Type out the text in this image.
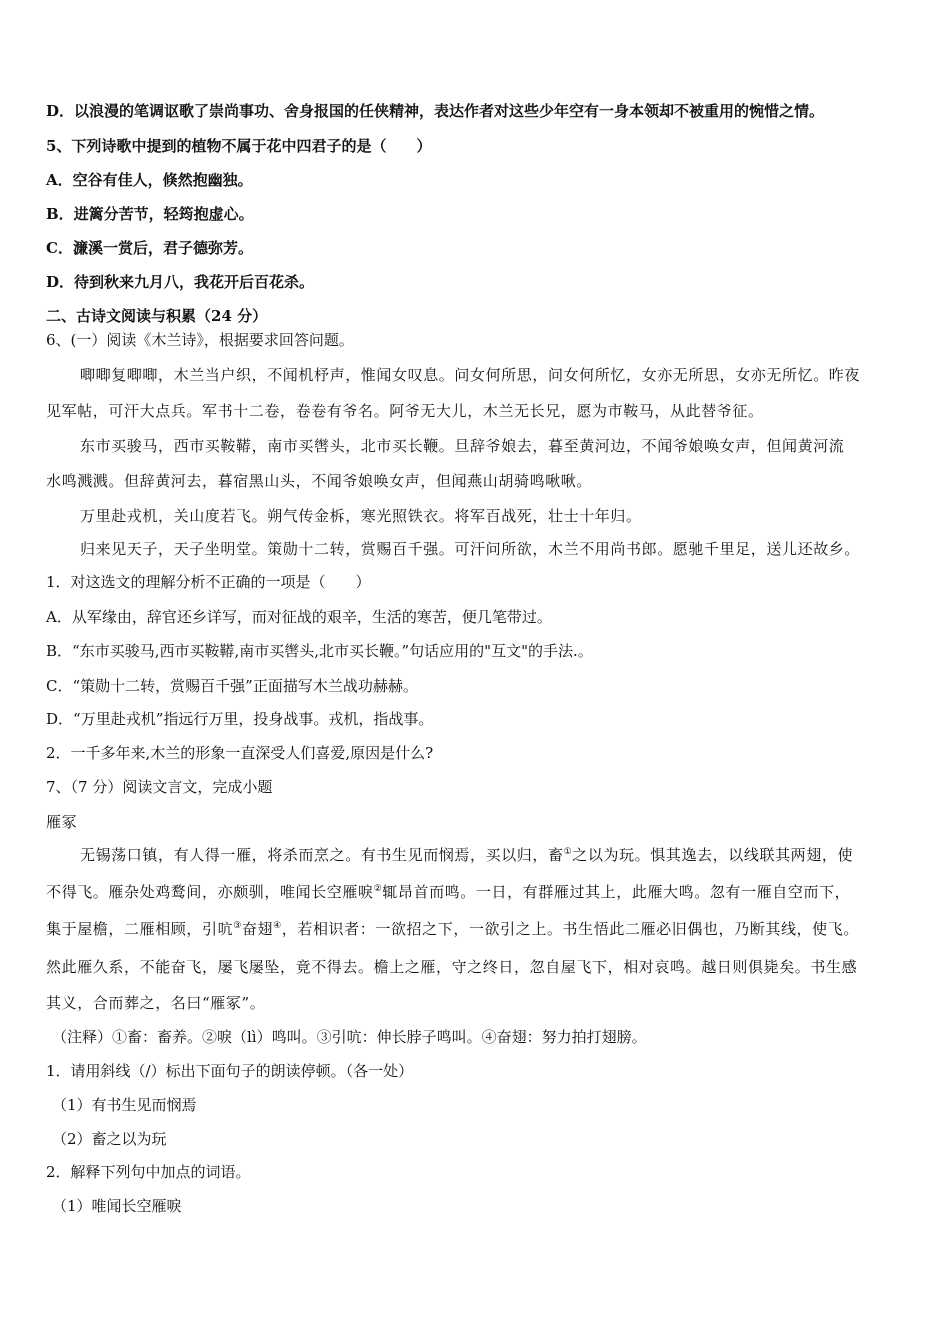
D．以浪漫的笔调讴歌了崇尚事功、舍身报国的任侠精神，表达作者对这些少年空有一身本领却不被重用的惋惜之情。
5、下列诗歌中提到的植物不属于花中四君子的是（　　）
A．空谷有佳人，倏然抱幽独。
B．进篱分苦节，轻筠抱虚心。
C．濂溪一赏后，君子德弥芳。
D．待到秋来九月八，我花开后百花杀。
二、古诗文阅读与积累（24 分）
6、(一）阅读《木兰诗》，根据要求回答问题。
唧唧复唧唧，木兰当户织，不闻机杼声，惟闻女叹息。问女何所思，问女何所忆，女亦无所思，女亦无所忆。昨夜
见军帖，可汗大点兵。军书十二卷，卷卷有爷名。阿爷无大儿，木兰无长兄，愿为市鞍马，从此替爷征。
东市买骏马，西市买鞍鞯，南市买辔头，北市买长鞭。旦辞爷娘去，暮至黄河边，不闻爷娘唤女声，但闻黄河流
水鸣溅溅。但辞黄河去，暮宿黑山头，不闻爷娘唤女声，但闻燕山胡骑鸣啾啾。
万里赴戎机，关山度若飞。朔气传金柝，寒光照铁衣。将军百战死，壮士十年归。
归来见天子，天子坐明堂。策勋十二转，赏赐百千强。可汗问所欲，木兰不用尚书郎。愿驰千里足，送儿还故乡。
1．对这选文的理解分析不正确的一项是（　　）
A．从军缘由，辞官还乡详写，而对征战的艰辛，生活的寒苦，便几笔带过。
B．“东市买骏马,西市买鞍鞯,南市买辔头,北市买长鞭。”句话应用的"互文"的手法.。
C．“策勋十二转，赏赐百千强”正面描写木兰战功赫赫。
D．“万里赴戎机”指远行万里，投身战事。戎机，指战事。
2．一千多年来,木兰的形象一直深受人们喜爱,原因是什么?
7、（7 分）阅读文言文，完成小题
雁冢
无锡荡口镇，有人得一雁，将杀而烹之。有书生见而悯焉，买以归，畜①之以为玩。惧其逸去，以线联其两翅，使
不得飞。雁杂处鸡鹜间，亦颇驯，唯闻长空雁唳②辄昂首而鸣。一日，有群雁过其上，此雁大鸣。忽有一雁自空而下，
集于屋檐，二雁相顾，引吭③奋翅④，若相识者：一欲招之下，一欲引之上。书生悟此二雁必旧偶也，乃断其线，使飞。
然此雁久系，不能奋飞，屡飞屡坠，竟不得去。檐上之雁，守之终日，忽自屋飞下，相对哀鸣。越日则俱毙矣。书生感
其义，合而葬之，名曰“雁冢”。
（注释）①畜：畜养。②唳（lì）鸣叫。③引吭：伸长脖子鸣叫。④奋翅：努力拍打翅膀。
1．请用斜线（/）标出下面句子的朗读停顿。（各一处）
（1）有书生见而悯焉
（2）畜之以为玩
2．解释下列句中加点的词语。
（1）唯闻长空雁唳
